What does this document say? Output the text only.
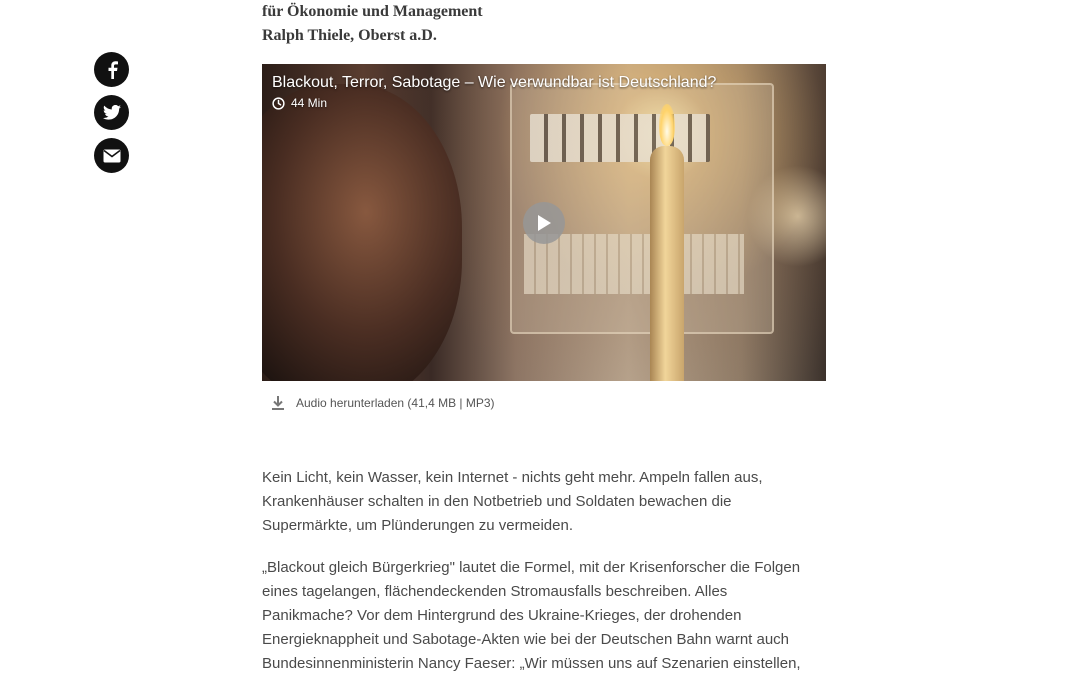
für Ökonomie und Management
Ralph Thiele, Oberst a.D.
Blackout, Terror, Sabotage – Wie verwundbar ist Deutschland?
44 Min
Audio herunterladen (41,4 MB | MP3)

Kein Licht, kein Wasser, kein Internet - nichts geht mehr. Ampeln fallen aus, Krankenhäuser schalten in den Notbetrieb und Soldaten bewachen die Supermärkte, um Plünderungen zu vermeiden.

„Blackout gleich Bürgerkrieg" lautet die Formel, mit der Krisenforscher die Folgen eines tagelangen, flächendeckenden Stromausfalls beschreiben. Alles Panikmache? Vor dem Hintergrund des Ukraine-Krieges, der drohenden Energieknappheit und Sabotage-Akten wie bei der Deutschen Bahn warnt auch Bundesinnenministerin Nancy Faeser: „Wir müssen uns auf Szenarien einstellen,
